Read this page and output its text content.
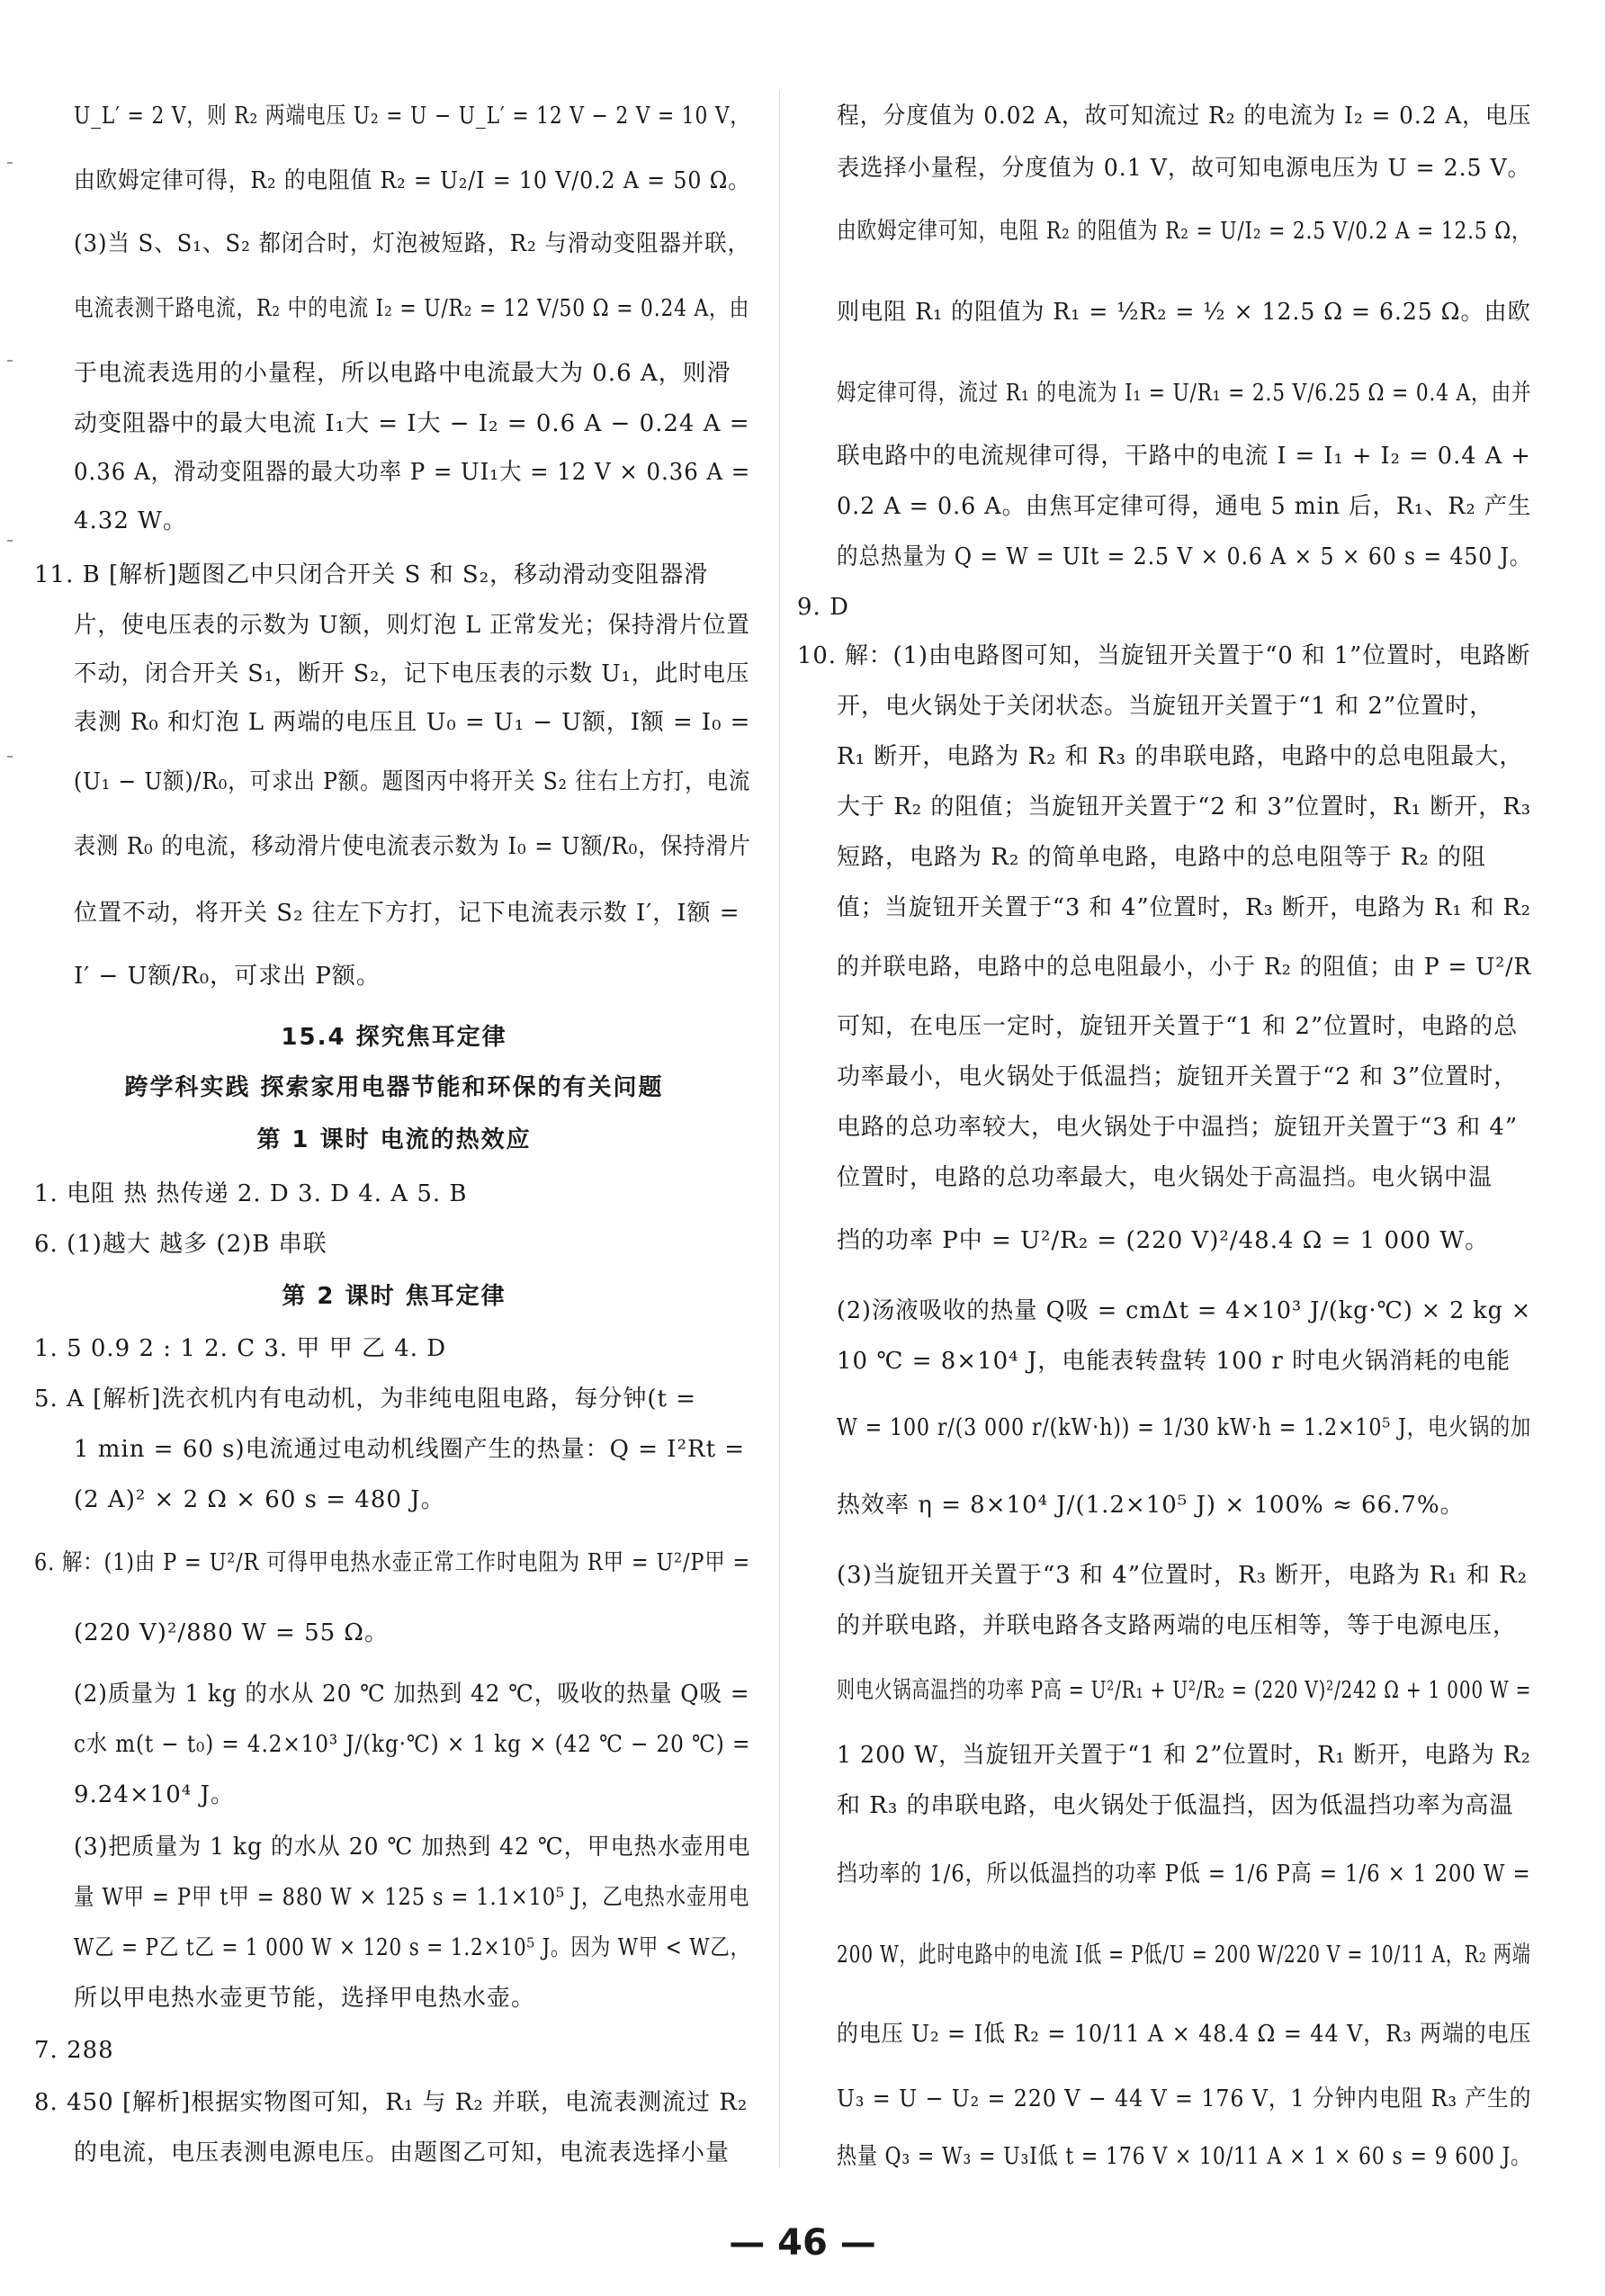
U_L′ = 2 V，则 R₂ 两端电压 U₂ = U − U_L′ = 12 V − 2 V = 10 V，
由欧姆定律可得，R₂ 的电阻值 R₂ = U₂/I = 10 V/0.2 A = 50 Ω。
(3)当 S、S₁、S₂ 都闭合时，灯泡被短路，R₂ 与滑动变阻器并联，
电流表测干路电流，R₂ 中的电流 I₂ = U/R₂ = 12 V/50 Ω = 0.24 A，由
于电流表选用的小量程，所以电路中电流最大为 0.6 A，则滑
动变阻器中的最大电流 I₁大 = I大 − I₂ = 0.6 A − 0.24 A =
0.36 A，滑动变阻器的最大功率 P = UI₁大 = 12 V × 0.36 A =
4.32 W。
11. B [解析]题图乙中只闭合开关 S 和 S₂，移动滑动变阻器滑
片，使电压表的示数为 U额，则灯泡 L 正常发光；保持滑片位置
不动，闭合开关 S₁，断开 S₂，记下电压表的示数 U₁，此时电压
表测 R₀ 和灯泡 L 两端的电压且 U₀ = U₁ − U额，I额 = I₀ =
(U₁ − U额)/R₀，可求出 P额。题图丙中将开关 S₂ 往右上方打，电流
表测 R₀ 的电流，移动滑片使电流表示数为 I₀ = U额/R₀，保持滑片
位置不动，将开关 S₂ 往左下方打，记下电流表示数 I′，I额 =
I′ − U额/R₀，可求出 P额。
15.4 探究焦耳定律
跨学科实践 探索家用电器节能和环保的有关问题
第 1 课时 电流的热效应
1. 电阻 热 热传递 2. D 3. D 4. A 5. B
6. (1)越大 越多 (2)B 串联
第 2 课时 焦耳定律
1. 5 0.9 2 : 1 2. C 3. 甲 甲 乙 4. D
5. A [解析]洗衣机内有电动机，为非纯电阻电路，每分钟(t =
1 min = 60 s)电流通过电动机线圈产生的热量：Q = I²Rt =
(2 A)² × 2 Ω × 60 s = 480 J。
6. 解：(1)由 P = U²/R 可得甲电热水壶正常工作时电阻为 R甲 = U²/P甲 =
(220 V)²/880 W = 55 Ω。
(2)质量为 1 kg 的水从 20 ℃ 加热到 42 ℃，吸收的热量 Q吸 =
c水 m(t − t₀) = 4.2×10³ J/(kg·℃) × 1 kg × (42 ℃ − 20 ℃) =
9.24×10⁴ J。
(3)把质量为 1 kg 的水从 20 ℃ 加热到 42 ℃，甲电热水壶用电
量 W甲 = P甲 t甲 = 880 W × 125 s = 1.1×10⁵ J，乙电热水壶用电
W乙 = P乙 t乙 = 1 000 W × 120 s = 1.2×10⁵ J。因为 W甲 < W乙，
所以甲电热水壶更节能，选择甲电热水壶。
7. 288
8. 450 [解析]根据实物图可知，R₁ 与 R₂ 并联，电流表测流过 R₂
的电流，电压表测电源电压。由题图乙可知，电流表选择小量
程，分度值为 0.02 A，故可知流过 R₂ 的电流为 I₂ = 0.2 A，电压
表选择小量程，分度值为 0.1 V，故可知电源电压为 U = 2.5 V。
由欧姆定律可知，电阻 R₂ 的阻值为 R₂ = U/I₂ = 2.5 V/0.2 A = 12.5 Ω，
则电阻 R₁ 的阻值为 R₁ = ½R₂ = ½ × 12.5 Ω = 6.25 Ω。由欧
姆定律可得，流过 R₁ 的电流为 I₁ = U/R₁ = 2.5 V/6.25 Ω = 0.4 A，由并
联电路中的电流规律可得，干路中的电流 I = I₁ + I₂ = 0.4 A +
0.2 A = 0.6 A。由焦耳定律可得，通电 5 min 后，R₁、R₂ 产生
的总热量为 Q = W = UIt = 2.5 V × 0.6 A × 5 × 60 s = 450 J。
9. D
10. 解：(1)由电路图可知，当旋钮开关置于“0 和 1”位置时，电路断
开，电火锅处于关闭状态。当旋钮开关置于“1 和 2”位置时，
R₁ 断开，电路为 R₂ 和 R₃ 的串联电路，电路中的总电阻最大，
大于 R₂ 的阻值；当旋钮开关置于“2 和 3”位置时，R₁ 断开，R₃
短路，电路为 R₂ 的简单电路，电路中的总电阻等于 R₂ 的阻
值；当旋钮开关置于“3 和 4”位置时，R₃ 断开，电路为 R₁ 和 R₂
的并联电路，电路中的总电阻最小，小于 R₂ 的阻值；由 P = U²/R
可知，在电压一定时，旋钮开关置于“1 和 2”位置时，电路的总
功率最小，电火锅处于低温挡；旋钮开关置于“2 和 3”位置时，
电路的总功率较大，电火锅处于中温挡；旋钮开关置于“3 和 4”
位置时，电路的总功率最大，电火锅处于高温挡。电火锅中温
挡的功率 P中 = U²/R₂ = (220 V)²/48.4 Ω = 1 000 W。
(2)汤液吸收的热量 Q吸 = cmΔt = 4×10³ J/(kg·℃) × 2 kg ×
10 ℃ = 8×10⁴ J，电能表转盘转 100 r 时电火锅消耗的电能
W = 100 r/(3 000 r/(kW·h)) = 1/30 kW·h = 1.2×10⁵ J，电火锅的加
热效率 η = 8×10⁴ J/(1.2×10⁵ J) × 100% ≈ 66.7%。
(3)当旋钮开关置于“3 和 4”位置时，R₃ 断开，电路为 R₁ 和 R₂
的并联电路，并联电路各支路两端的电压相等，等于电源电压，
则电火锅高温挡的功率 P高 = U²/R₁ + U²/R₂ = (220 V)²/242 Ω + 1 000 W =
1 200 W，当旋钮开关置于“1 和 2”位置时，R₁ 断开，电路为 R₂
和 R₃ 的串联电路，电火锅处于低温挡，因为低温挡功率为高温
挡功率的 1/6，所以低温挡的功率 P低 = 1/6 P高 = 1/6 × 1 200 W =
200 W，此时电路中的电流 I低 = P低/U = 200 W/220 V = 10/11 A，R₂ 两端
的电压 U₂ = I低 R₂ = 10/11 A × 48.4 Ω = 44 V，R₃ 两端的电压
U₃ = U − U₂ = 220 V − 44 V = 176 V，1 分钟内电阻 R₃ 产生的
热量 Q₃ = W₃ = U₃I低 t = 176 V × 10/11 A × 1 × 60 s = 9 600 J。
— 46 —
